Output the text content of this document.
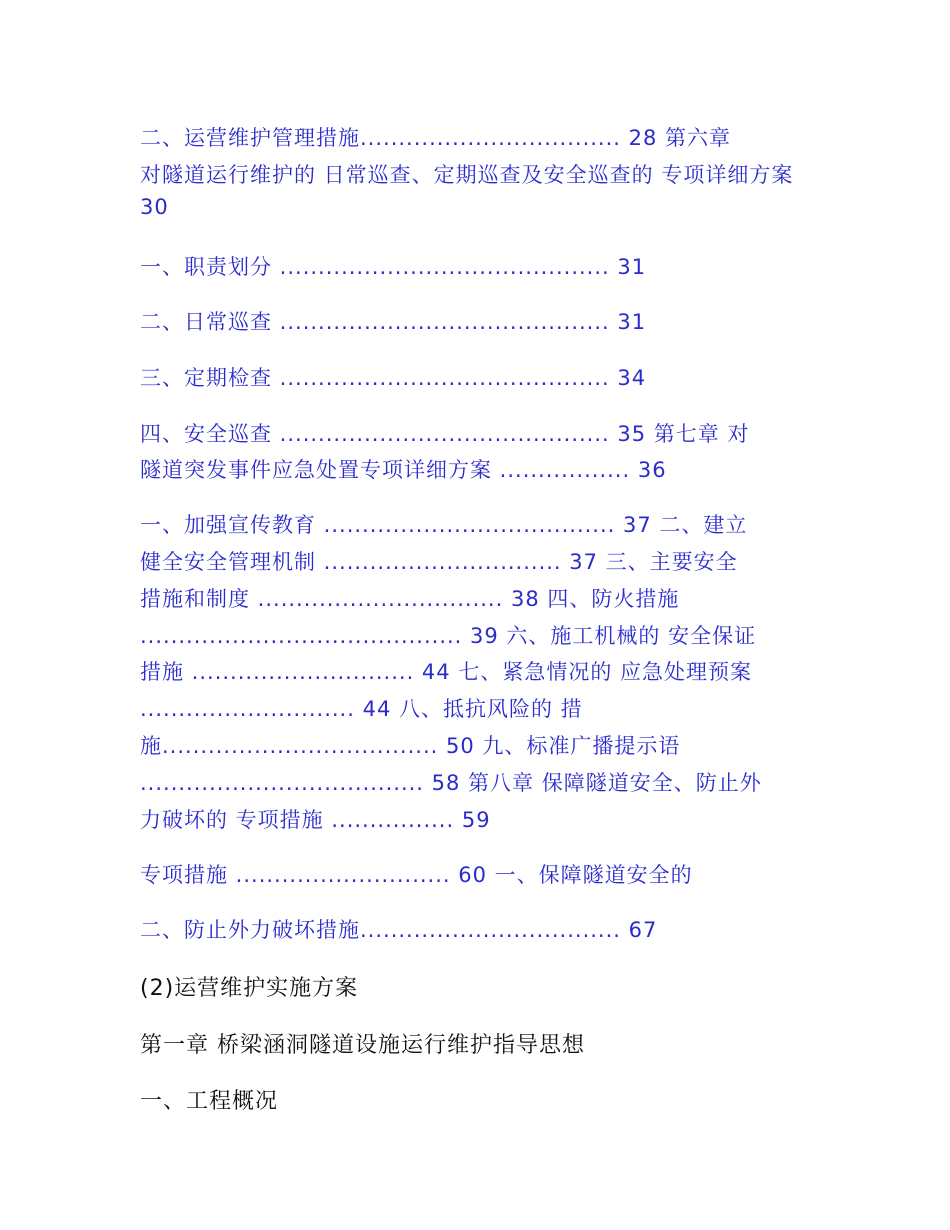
二、运营维护管理措施.................................. 28 第六章
对隧道运行维护的 日常巡查、定期巡查及安全巡查的 专项详细方案
30
一、职责划分 ........................................... 31
二、日常巡查 ........................................... 31
三、定期检查 ........................................... 34
四、安全巡查 ........................................... 35 第七章 对
隧道突发事件应急处置专项详细方案 ................. 36
一、加强宣传教育 ...................................... 37 二、建立
健全安全管理机制 ............................... 37 三、主要安全
措施和制度 ................................ 38 四、防火措施
.......................................... 39 六、施工机械的 安全保证
措施 ............................. 44 七、紧急情况的 应急处理预案
............................ 44 八、抵抗风险的 措
施.................................... 50 九、标准广播提示语
..................................... 58 第八章 保障隧道安全、防止外
力破坏的 专项措施 ................ 59
专项措施 ............................ 60 一、保障隧道安全的
二、防止外力破坏措施.................................. 67
(2)运营维护实施方案
第一章 桥梁涵洞隧道设施运行维护指导思想
一、工程概况
